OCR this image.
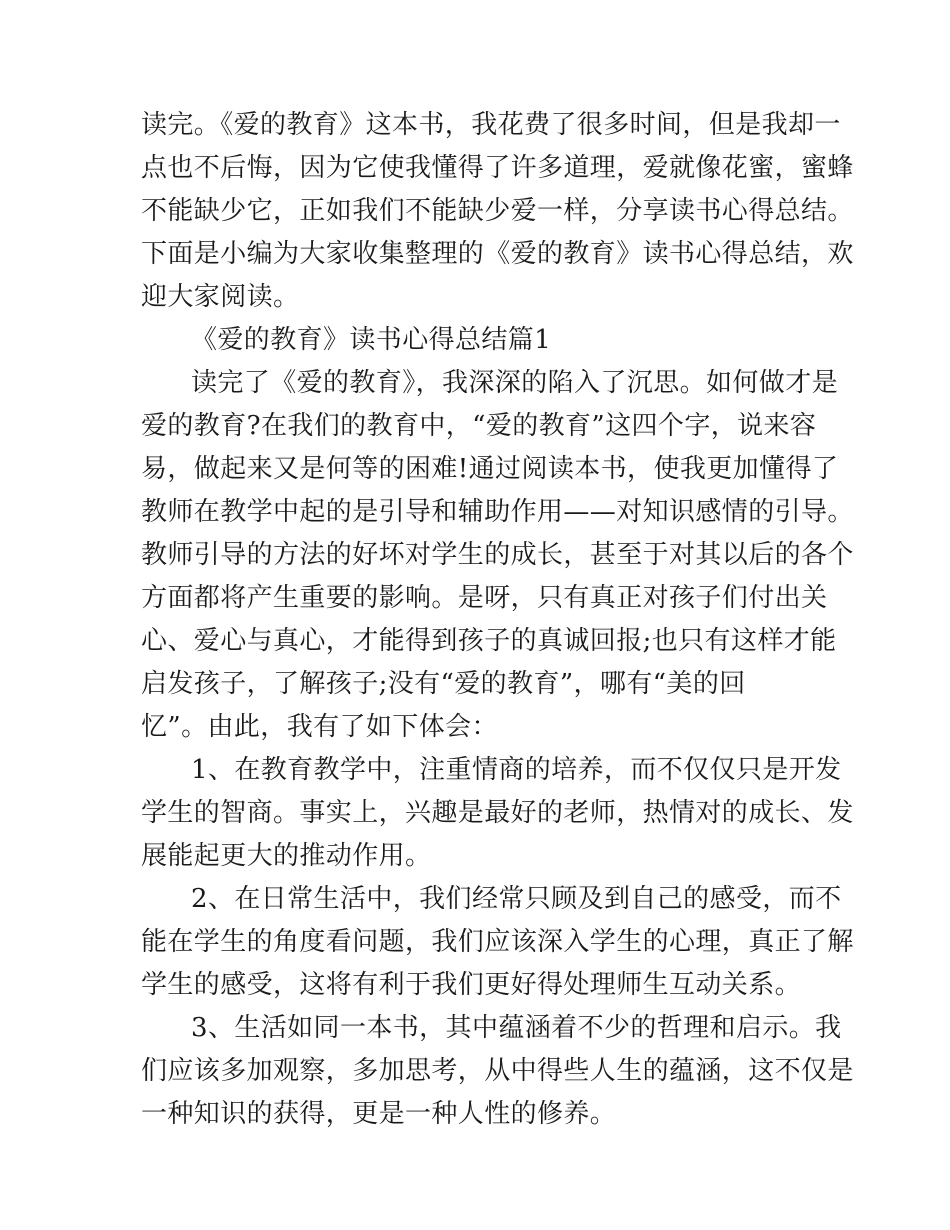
读完。《爱的教育》这本书，我花费了很多时间，但是我却一
点也不后悔，因为它使我懂得了许多道理，爱就像花蜜，蜜蜂
不能缺少它，正如我们不能缺少爱一样，分享读书心得总结。
下面是小编为大家收集整理的《爱的教育》读书心得总结，欢
迎大家阅读。
《爱的教育》读书心得总结篇1
读完了《爱的教育》，我深深的陷入了沉思。如何做才是
爱的教育?在我们的教育中，“爱的教育”这四个字，说来容
易，做起来又是何等的困难!通过阅读本书，使我更加懂得了
教师在教学中起的是引导和辅助作用——对知识感情的引导。
教师引导的方法的好坏对学生的成长，甚至于对其以后的各个
方面都将产生重要的影响。是呀，只有真正对孩子们付出关
心、爱心与真心，才能得到孩子的真诚回报;也只有这样才能
启发孩子，了解孩子;没有“爱的教育”，哪有“美的回
忆”。由此，我有了如下体会：
1、在教育教学中，注重情商的培养，而不仅仅只是开发
学生的智商。事实上，兴趣是最好的老师，热情对的成长、发
展能起更大的推动作用。
2、在日常生活中，我们经常只顾及到自己的感受，而不
能在学生的角度看问题，我们应该深入学生的心理，真正了解
学生的感受，这将有利于我们更好得处理师生互动关系。
3、生活如同一本书，其中蕴涵着不少的哲理和启示。我
们应该多加观察，多加思考，从中得些人生的蕴涵，这不仅是
一种知识的获得，更是一种人性的修养。
